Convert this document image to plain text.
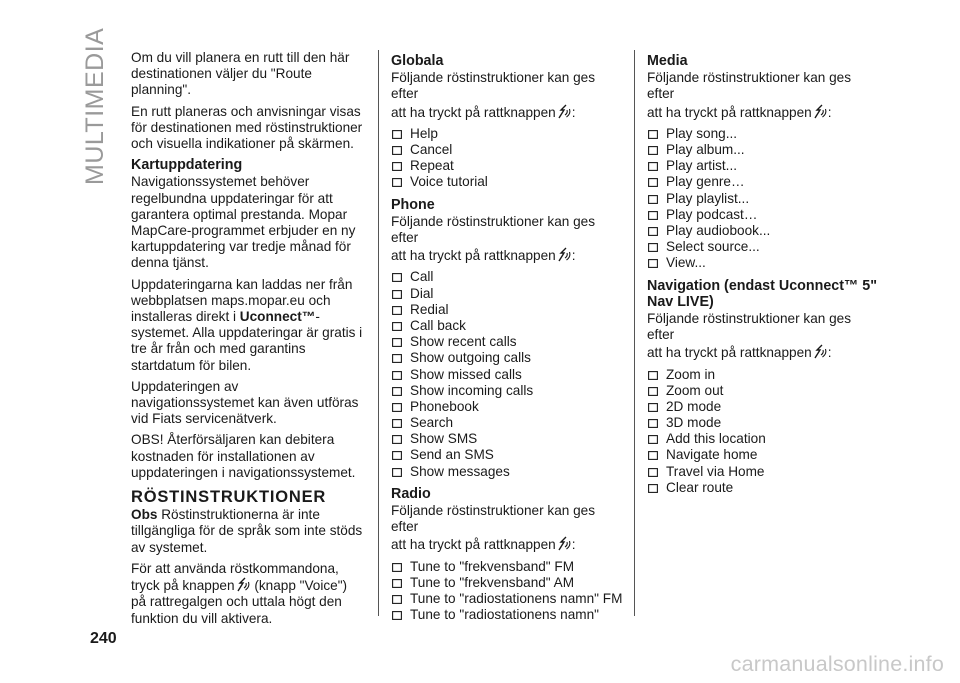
MULTIMEDIA Om du vill planera en rutt till den här destinationen väljer du "Route planning".

En rutt planeras och anvisningar visas för destinationen med röstinstruktioner och visuella indikationer på skärmen.

Kartuppdatering

Navigationssystemet behöver regelbundna uppdateringar för att garantera optimal prestanda. Mopar MapCare-programmet erbjuder en ny kartuppdatering var tredje månad för denna tjänst.

Uppdateringarna kan laddas ner från webbplatsen maps.mopar.eu och installeras direkt i Uconnect™-systemet. Alla uppdateringar är gratis i tre år från och med garantins startdatum för bilen.

Uppdateringen av navigationssystemet kan även utföras vid Fiats servicenätverk.

OBS! Återförsäljaren kan debitera kostnaden för installationen av uppdateringen i navigationssystemet.

RÖSTINSTRUKTIONER

Obs Röstinstruktionerna är inte tillgängliga för de språk som inte stöds av systemet.

För att använda röstkommandona, tryck på knappen (knapp "Voice") på rattregalgen och uttala högt den funktion du vill aktivera.

Globala

Följande röstinstruktioner kan ges efter
att ha tryckt på rattknappen :

Help
Cancel
Repeat
Voice tutorial
Phone

Följande röstinstruktioner kan ges efter
att ha tryckt på rattknappen :

Call
Dial
Redial
Call back
Show recent calls
Show outgoing calls
Show missed calls
Show incoming calls
Phonebook
Search
Show SMS
Send an SMS
Show messages
Radio

Följande röstinstruktioner kan ges efter
att ha tryckt på rattknappen :

Tune to "frekvensband" FM
Tune to "frekvensband" AM
Tune to "radiostationens namn" FM
Tune to "radiostationens namn"
Media

Följande röstinstruktioner kan ges efter
att ha tryckt på rattknappen :

Play song...
Play album...
Play artist...
Play genre…
Play playlist...
Play podcast…
Play audiobook...
Select source...
View...
Navigation (endast Uconnect™ 5" Nav LIVE)

Följande röstinstruktioner kan ges efter
att ha tryckt på rattknappen :

Zoom in
Zoom out
2D mode
3D mode
Add this location
Navigate home
Travel via Home
Clear route
240
carmanualsonline.info
